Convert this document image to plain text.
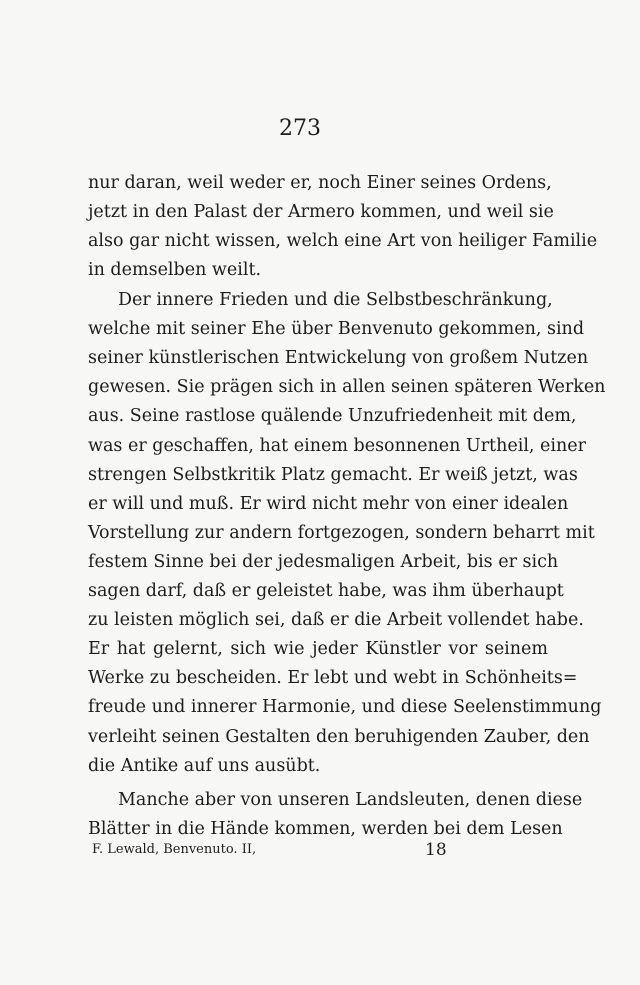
273
nur daran, weil weder er, noch Einer seines Ordens,
jetzt in den Palast der Armero kommen, und weil sie
also gar nicht wissen, welch eine Art von heiliger Familie
in demselben weilt.
Der innere Frieden und die Selbstbeschränkung,
welche mit seiner Ehe über Benvenuto gekommen, sind
seiner künstlerischen Entwickelung von großem Nutzen
gewesen. Sie prägen sich in allen seinen späteren Werken
aus. Seine rastlose quälende Unzufriedenheit mit dem,
was er geschaffen, hat einem besonnenen Urtheil, einer
strengen Selbstkritik Platz gemacht. Er weiß jetzt, was
er will und muß. Er wird nicht mehr von einer idealen
Vorstellung zur andern fortgezogen, sondern beharrt mit
festem Sinne bei der jedesmaligen Arbeit, bis er sich
sagen darf, daß er geleistet habe, was ihm überhaupt
zu leisten möglich sei, daß er die Arbeit vollendet habe.
Er hat gelernt, sich wie jeder Künstler vor seinem
Werke zu bescheiden. Er lebt und webt in Schönheits=
freude und innerer Harmonie, und diese Seelenstimmung
verleiht seinen Gestalten den beruhigenden Zauber, den
die Antike auf uns ausübt.
Manche aber von unseren Landsleuten, denen diese
Blätter in die Hände kommen, werden bei dem Lesen
F. Lewald, Benvenuto. II,	18
